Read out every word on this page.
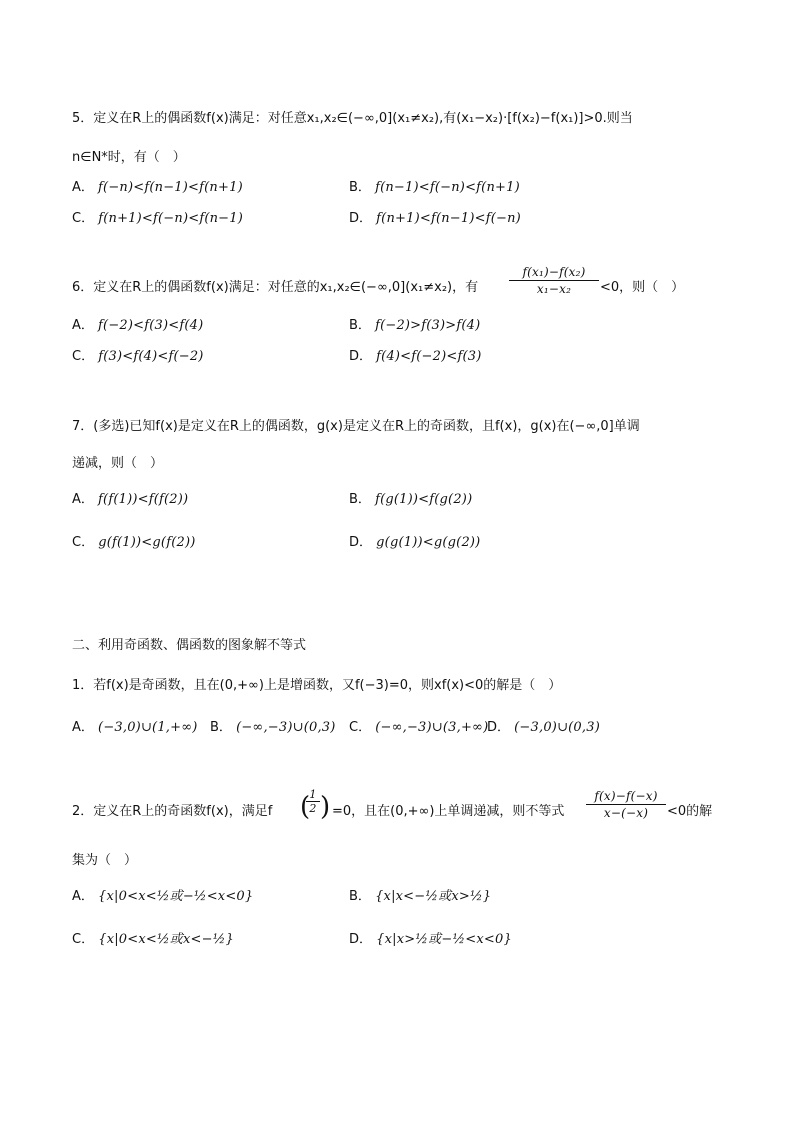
5．定义在R上的偶函数f(x)满足：对任意x₁,x₂∈(−∞,0](x₁≠x₂),有(x₁−x₂)·[f(x₂)−f(x₁)]>0.则当
n∈N*时，有（　）
A． f(−n)<f(n−1)<f(n+1)	B． f(n−1)<f(−n)<f(n+1)
C． f(n+1)<f(−n)<f(n−1)	D． f(n+1)<f(n−1)<f(−n)
6．定义在R上的偶函数f(x)满足：对任意的x₁,x₂∈(−∞,0](x₁≠x₂)，有	$\frac{\text{f(x₁)−f(x₂)}}{\text{x₁−x₂}} <0$，则（　）
A． f(−2)<f(3)<f(4)	B． f(−2)>f(3)>f(4)
C． f(3)<f(4)<f(−2)	D． f(4)<f(−2)<f(3)
7．(多选)已知f(x)是定义在R上的偶函数，g(x)是定义在R上的奇函数，且f(x)，g(x)在(−∞,0]单调
递减，则（　）
A． f(f(1))<f(f(2))	B． f(g(1))<f(g(2))
C． g(f(1))<g(f(2))	D． g(g(1))<g(g(2))
二、利用奇函数、偶函数的图象解不等式
1．若f(x)是奇函数，且在(0,+∞)上是增函数，又f(−3)=0，则xf(x)<0的解是（　）
A． (−3,0)∪(1,+∞) B． (−∞,−3)∪(0,3) C． (−∞,−3)∪(3,+∞)
D． (−3,0)∪(0,3)
2．定义在R上的奇函数f(x)，满足f ( 1
2 ) =0，且在(0,+∞)上单调递减，则不等式 $\frac{f(x)-f(-x)}{x-(-x)} <0$的解
集为（　）
A． {x|0<x<½或−½<x<0}	B． {x|x<−½或x>½}
C． {x|0<x<½或x<−½}	D． {x|x>½或−½<x<0}
